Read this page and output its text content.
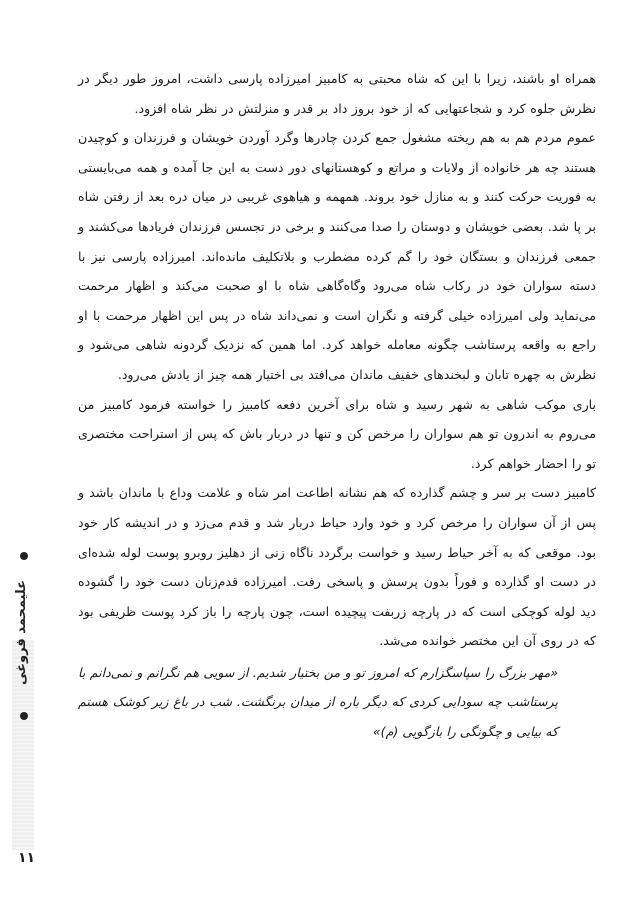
علیمحمد فروغی

همراه او باشند، زیرا با این که شاه محبتی به کامبیز امیرزاده پارسی داشت، امروز طور دیگر در نظرش جلوه کرد و شجاعتهایی که از خود بروز داد بر قدر و منزلتش در نظر شاه افزود.

عموم مردم هم به هم ریخته مشغول جمع کردن چادرها وگرد آوردن خویشان و فرزندان و کوچیدن هستند چه هر خانواده از ولایات و مراتع و کوهستانهای دور دست به این جا آمده و همه می‌بایستی به فوریت حرکت کنند و به منازل خود بروند. همهمه و هیاهوی غریبی در میان دره بعد از رفتن شاه بر پا شد. بعضی خویشان و دوستان را صدا می‌کنند و برخی در تجسس فرزندان فریادها می‌کشند و جمعی فرزندان و بستگان خود را گم کرده مضطرب و بلاتکلیف مانده‌اند. امیرزاده پارسی نیز با دسته سواران خود در رکاب شاه می‌رود وگاه‌گاهی شاه با او صحبت می‌کند و اظهار مرحمت می‌نماید ولی امیرزاده خیلی گرفته و نگران است و نمی‌داند شاه در پس این اظهار مرحمت با او راجع به واقعه پرستاشب چگونه معامله خواهد کرد. اما همین که نزدیک گردونه شاهی می‌شود و نظرش به چهره تابان و لبخندهای خفیف ماندان می‌افتد بی اختیار همه چیز از یادش می‌رود.

باری موکب شاهی به شهر رسید و شاه برای آخرین دفعه کامبیز را خواسته فرمود کامبیز من می‌روم به اندرون تو هم سواران را مرخص کن و تنها در دربار باش که پس از استراحت مختصری تو را احضار خواهم کرد.

کامبیز دست بر سر و چشم گذارده که هم نشانه اطاعت امر شاه و علامت وداع با ماندان باشد و پس از آن سواران را مرخص کرد و خود وارد حیاط دربار شد و قدم می‌زد و در اندیشه کار خود بود. موقعی که به آخر حیاط رسید و خواست برگردد ناگاه زنی از دهلیز روبرو پوست لوله شده‌ای در دست او گذارده و فوراً بدون پرسش و پاسخی رفت. امیرزاده قدم‌زنان دست خود را گشوده دید لوله کوچکی است که در پارچه زربفت پیچیده است، چون پارچه را باز کرد پوست ظریفی بود که در روی آن این مختصر خوانده می‌شد.

«مهر بزرگ را سپاسگزارم که امروز تو و من بختیار شدیم. از سویی هم نگرانم و نمی‌دانم با پرستاشب چه سودایی کردی که دیگر باره از میدان برنگشت. شب در باغ زیر کوشک هستم که بیایی و چگونگی را بازگویی (م)»

۱۱
